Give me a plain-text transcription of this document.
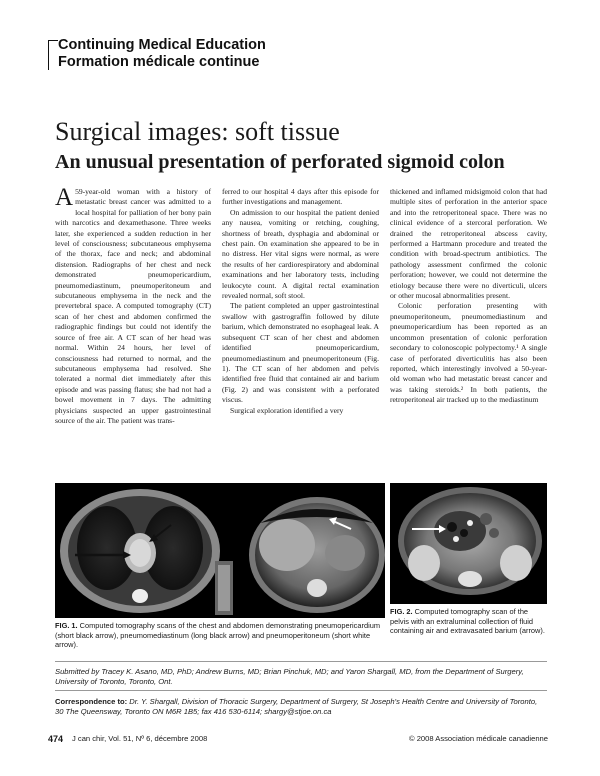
Continuing Medical Education
Formation médicale continue
Surgical images: soft tissue
An unusual presentation of perforated sigmoid colon

A 59-year-old woman with a history of metastatic breast cancer was admitted to a local hospital for palliation of her bony pain with narcotics and dexamethasone. Three weeks later, she experienced a sudden reduction in her level of consciousness; subcutaneous emphysema of the thorax, face and neck; and abdominal distension. Radiographs of her chest and neck demonstrated pneumopericardium, pneumomediastinum, pneumoperitoneum and subcutaneous emphysema in the neck and the prevertebral space. A computed tomography (CT) scan of her chest and abdomen confirmed the radiographic findings but could not identify the source of free air. A CT scan of her head was normal. Within 24 hours, her level of consciousness had returned to normal, and the subcutaneous emphysema had resolved. She tolerated a normal diet immediately after this episode and was passing flatus; she had not had a bowel movement in 7 days. The admitting physicians suspected an upper gastrointestinal source of the air. The patient was trans-

ferred to our hospital 4 days after this episode for further investigations and management.

On admission to our hospital the patient denied any nausea, vomiting or retching, coughing, shortness of breath, dysphagia and abdominal or chest pain. On examination she appeared to be in no distress. Her vital signs were normal, as were the results of her cardiorespiratory and abdominal examinations and her laboratory tests, including leukocyte count. A digital rectal examination revealed normal, soft stool.

The patient completed an upper gastrointestinal swallow with gastrograffin followed by dilute barium, which demonstrated no esophageal leak. A subsequent CT scan of her chest and abdomen identified pneumopericardium, pneumomediastinum and pneumoperitoneum (Fig. 1). The CT scan of her abdomen and pelvis identified free fluid that contained air and barium (Fig. 2) and was consistent with a perforated viscus.

Surgical exploration identified a very

thickened and inflamed midsigmoid colon that had multiple sites of perforation in the anterior space and into the retroperitoneal space. There was no clinical evidence of a stercoral perforation. We drained the retroperitoneal abscess cavity, performed a Hartmann procedure and treated the condition with broad-spectrum antibiotics. The pathology assessment confirmed the colonic perforation; however, we could not determine the etiology because there were no diverticuli, ulcers or other mucosal abnormalities present.

Colonic perforation presenting with pneumoperitoneum, pneumomediastinum and pneumopericardium has been reported as an uncommon presentation of colonic perforation secondary to colonoscopic polypectomy.¹ A single case of perforated diverticulitis has also been reported, which interestingly involved a 50-year-old woman who had metastatic breast cancer and was taking steroids.² In both patients, the retroperitoneal air tracked up to the mediastinum

FIG. 1. Computed tomography scans of the chest and abdomen demonstrating pneumopericardium (short black arrow), pneumomediastinum (long black arrow) and pneumoperitoneum (short white arrow).
FIG. 2. Computed tomography scan of the pelvis with an extraluminal collection of fluid containing air and extravasated barium (arrow).
Submitted by Tracey K. Asano, MD, PhD; Andrew Burns, MD; Brian Pinchuk, MD; and Yaron Shargall, MD, from the Department of Surgery, University of Toronto, Toronto, Ont.
Correspondence to: Dr. Y. Shargall, Division of Thoracic Surgery, Department of Surgery, St Joseph's Health Centre and University of Toronto, 30 The Queensway, Toronto ON M6R 1B5; fax 416 530-6114; shargy@stjoe.on.ca
474 J can chir, Vol. 51, Nº 6, décembre 2008	© 2008 Association médicale canadienne
